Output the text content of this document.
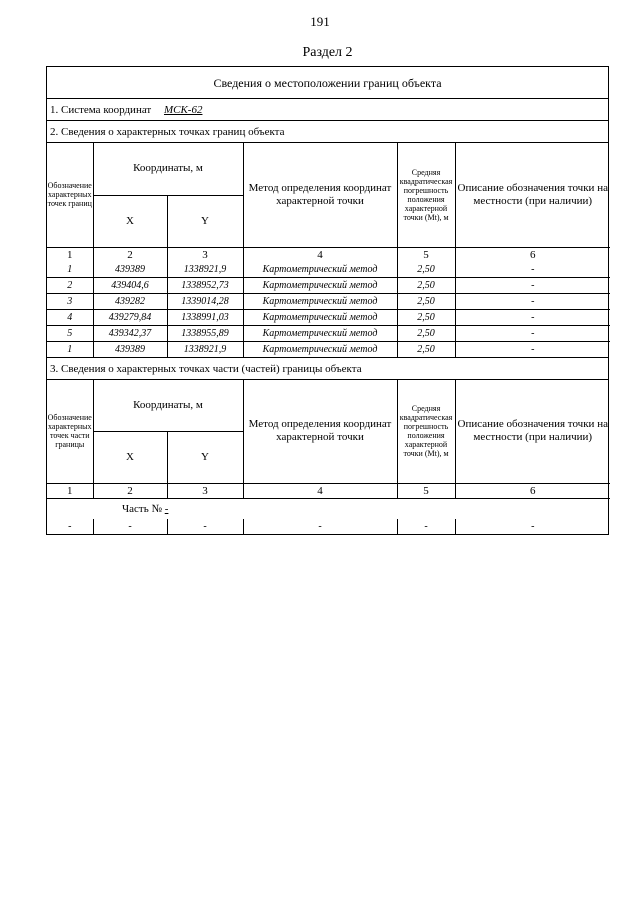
191
Раздел 2
Сведения о местоположении границ объекта
1. Система координат МСК-62
2. Сведения о характерных точках границ объекта
Обозначение характерных точек границ	Координаты, м		Метод определения координат характерной точки	Средняя квадратическая погрешность положения характерной точки (Mt), м	Описание обозначения точки на местности (при наличии)
	X	Y			
1	2	3	4	5	6
1	439389	1338921,9	Картометрический метод	2,50	-
2	439404,6	1338952,73	Картометрический метод	2,50	-
3	439282	1339014,28	Картометрический метод	2,50	-
4	439279,84	1338991,03	Картометрический метод	2,50	-
5	439342,37	1338955,89	Картометрический метод	2,50	-
1	439389	1338921,9	Картометрический метод	2,50	-
3. Сведения о характерных точках части (частей) границы объекта
Обозначение характерных точек части границы	Координаты, м		Метод определения координат характерной точки	Средняя квадратическая погрешность положения характерной точки (Mt), м	Описание обозначения точки на местности (при наличии)
	X	Y			
1	2	3	4	5	6
Часть № -					
-	-	-	-	-	-
